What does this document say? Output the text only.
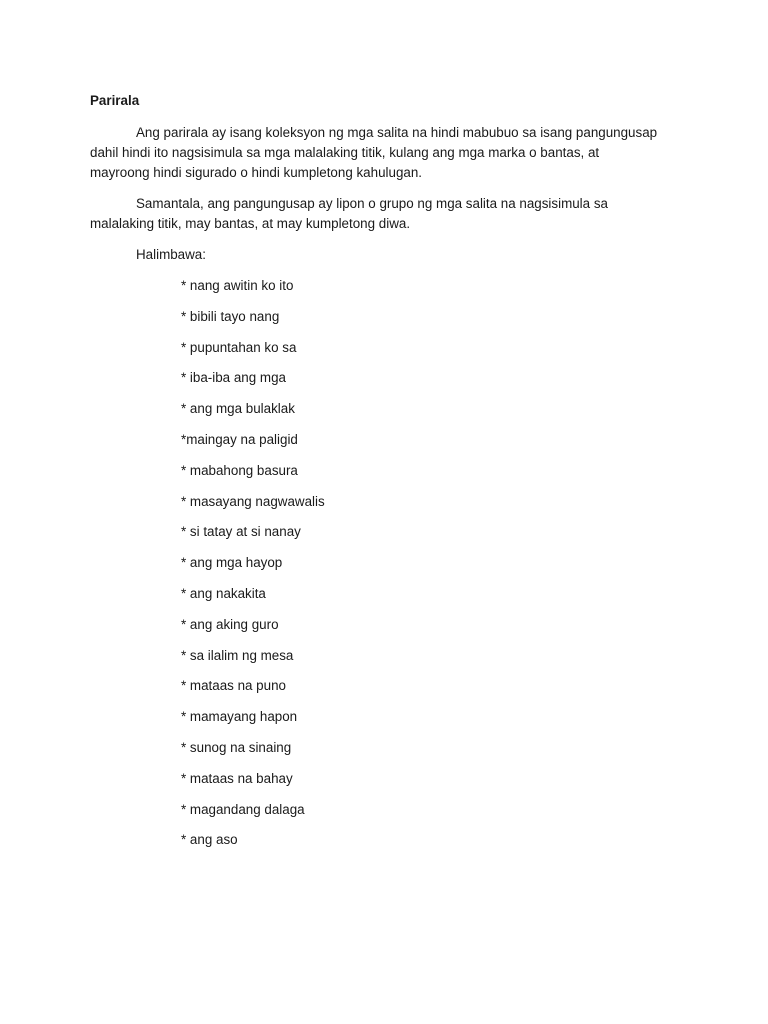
Parirala
Ang parirala ay isang koleksyon ng mga salita na hindi mabubuo sa isang pangungusap
dahil hindi ito nagsisimula sa mga malalaking titik, kulang ang mga marka o bantas, at
mayroong hindi sigurado o hindi kumpletong kahulugan.
Samantala, ang pangungusap ay lipon o grupo ng mga salita na nagsisimula sa
malalaking titik, may bantas, at may kumpletong diwa.
Halimbawa:
* nang awitin ko ito
* bibili tayo nang
* pupuntahan ko sa
* iba-iba ang mga
* ang mga bulaklak
*maingay na paligid
* mabahong basura
* masayang nagwawalis
* si tatay at si nanay
* ang mga hayop
* ang nakakita
* ang aking guro
* sa ilalim ng mesa
* mataas na puno
* mamayang hapon
* sunog na sinaing
* mataas na bahay
* magandang dalaga
* ang aso
